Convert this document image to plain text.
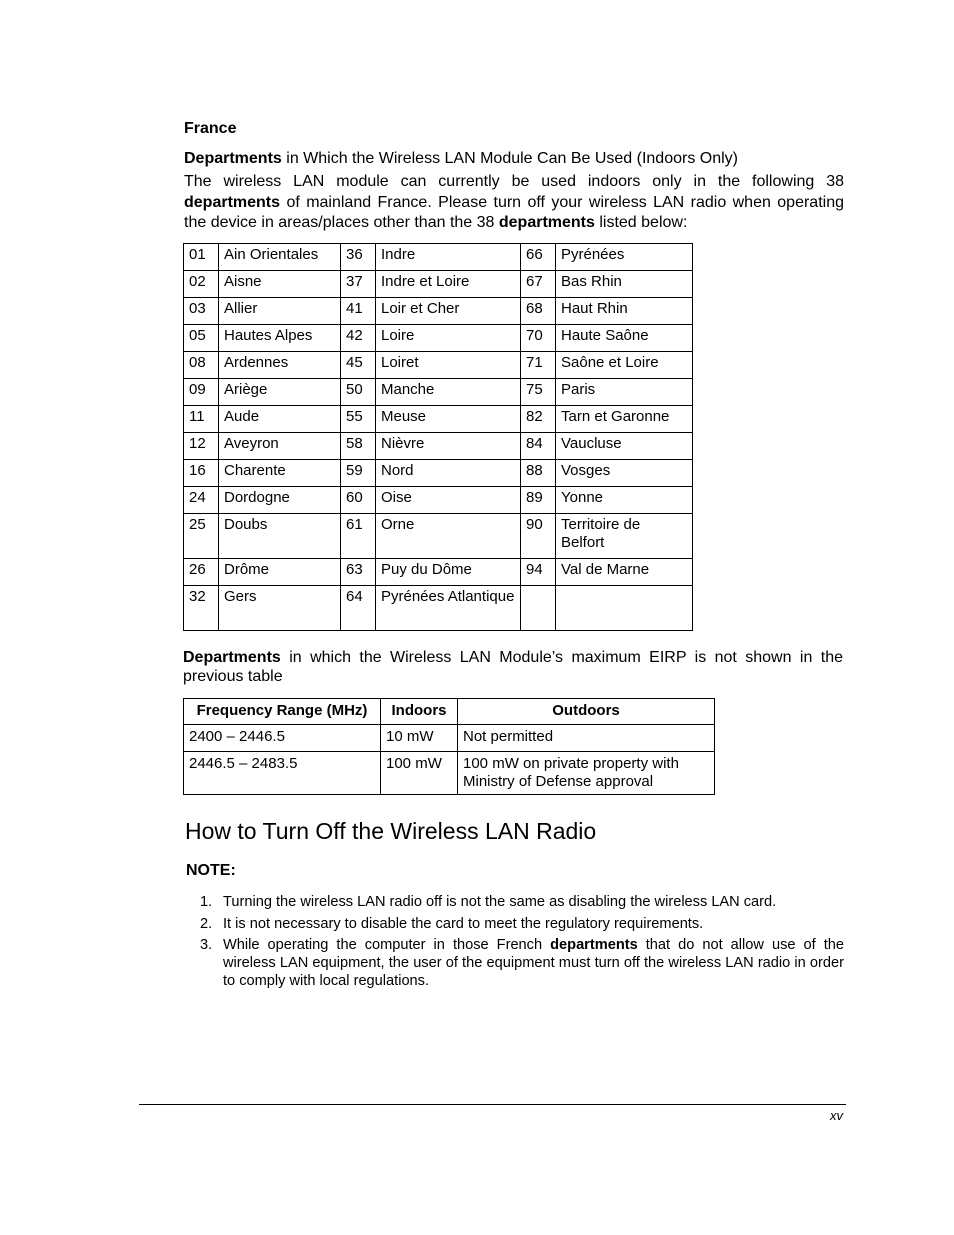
France
Departments in Which the Wireless LAN Module Can Be Used (Indoors Only)
The wireless LAN module can currently be used indoors only in the following 38 departments of mainland France. Please turn off your wireless LAN radio when operating the device in areas/places other than the 38 departments listed below:
01	Ain Orientales	36	Indre	66	Pyrénées
02	Aisne	37	Indre et Loire	67	Bas Rhin
03	Allier	41	Loir et Cher	68	Haut Rhin
05	Hautes Alpes	42	Loire	70	Haute Saône
08	Ardennes	45	Loiret	71	Saône et Loire
09	Ariège	50	Manche	75	Paris
11	Aude	55	Meuse	82	Tarn et Garonne
12	Aveyron	58	Nièvre	84	Vaucluse
16	Charente	59	Nord	88	Vosges
24	Dordogne	60	Oise	89	Yonne
25	Doubs	61	Orne	90	Territoire de Belfort
26	Drôme	63	Puy du Dôme	94	Val de Marne
32	Gers	64	Pyrénées Atlantique		
Departments in which the Wireless LAN Module’s maximum EIRP is not shown in the previous table
Frequency Range (MHz)	Indoors	Outdoors
2400 – 2446.5	10 mW	Not permitted
2446.5 – 2483.5	100 mW	100 mW on private property with Ministry of Defense approval
How to Turn Off the Wireless LAN Radio
NOTE:
1. Turning the wireless LAN radio off is not the same as disabling the wireless LAN card.
2. It is not necessary to disable the card to meet the regulatory requirements.
3. While operating the computer in those French departments that do not allow use of the wireless LAN equipment, the user of the equipment must turn off the wireless LAN radio in order to comply with local regulations.
xv
